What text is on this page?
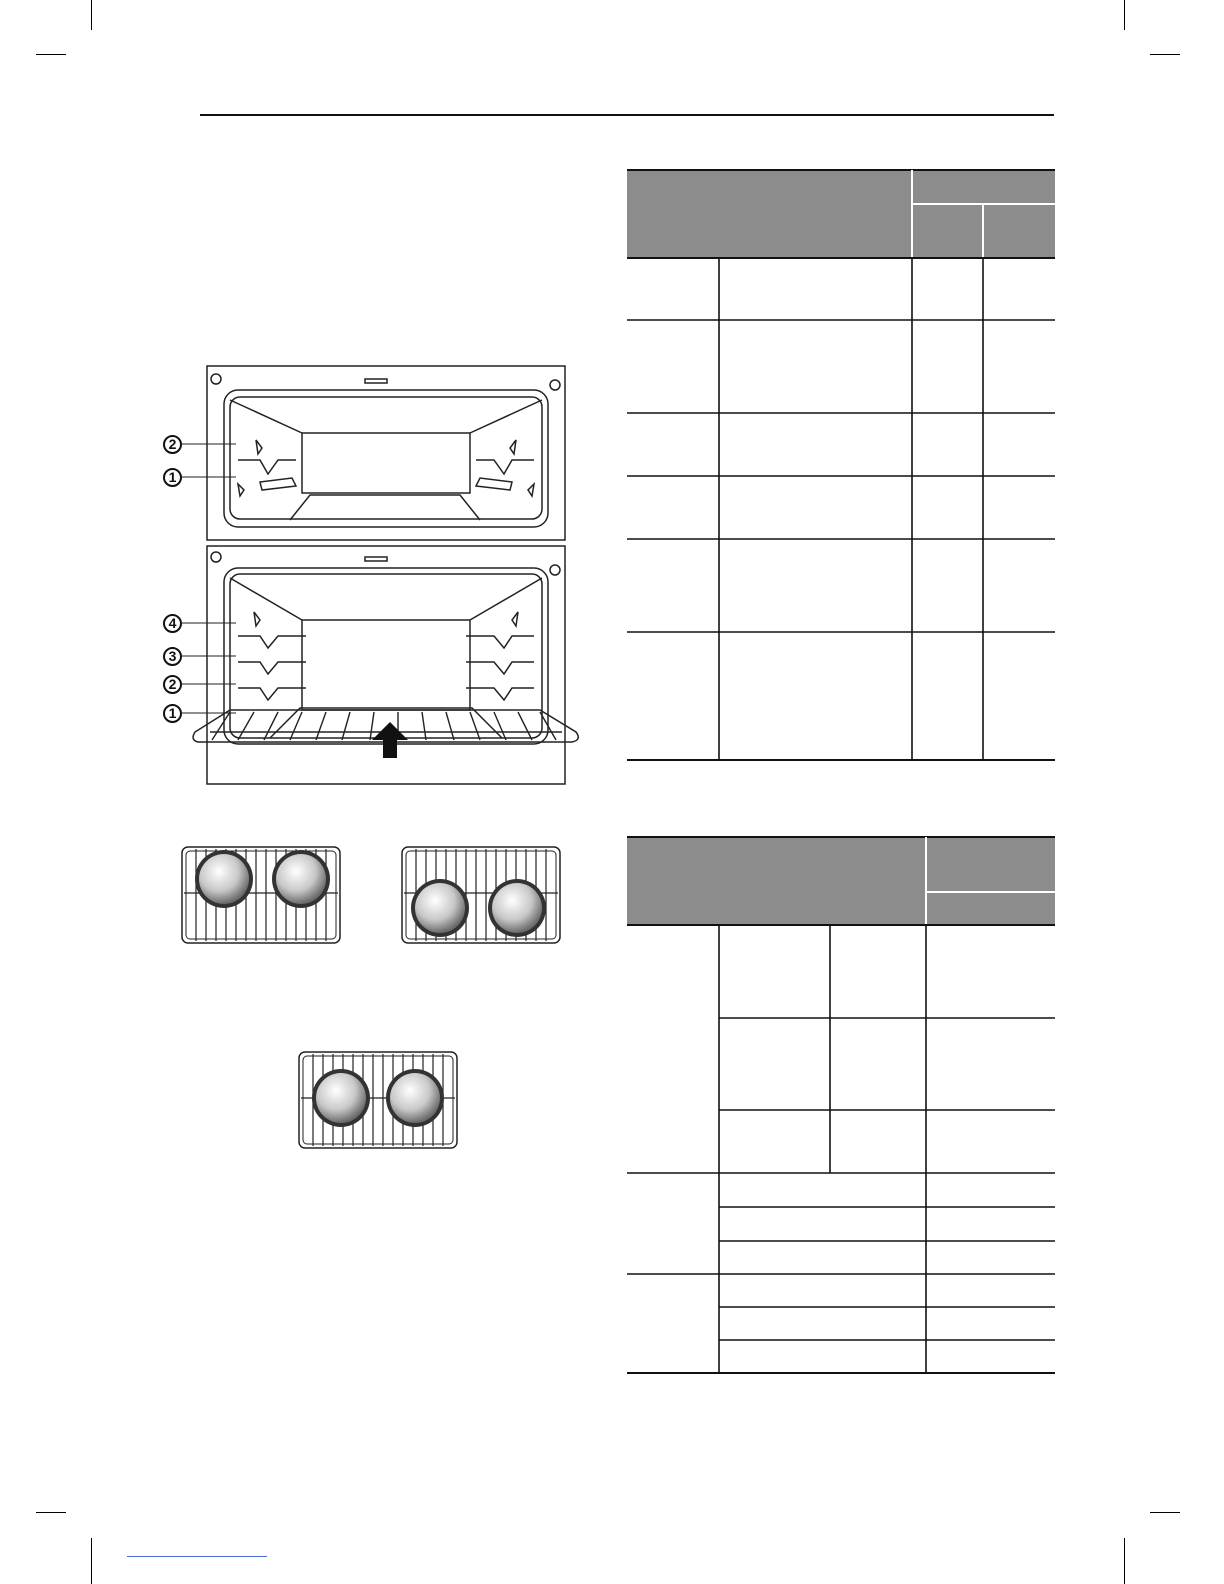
2
1
4
3
2
1
